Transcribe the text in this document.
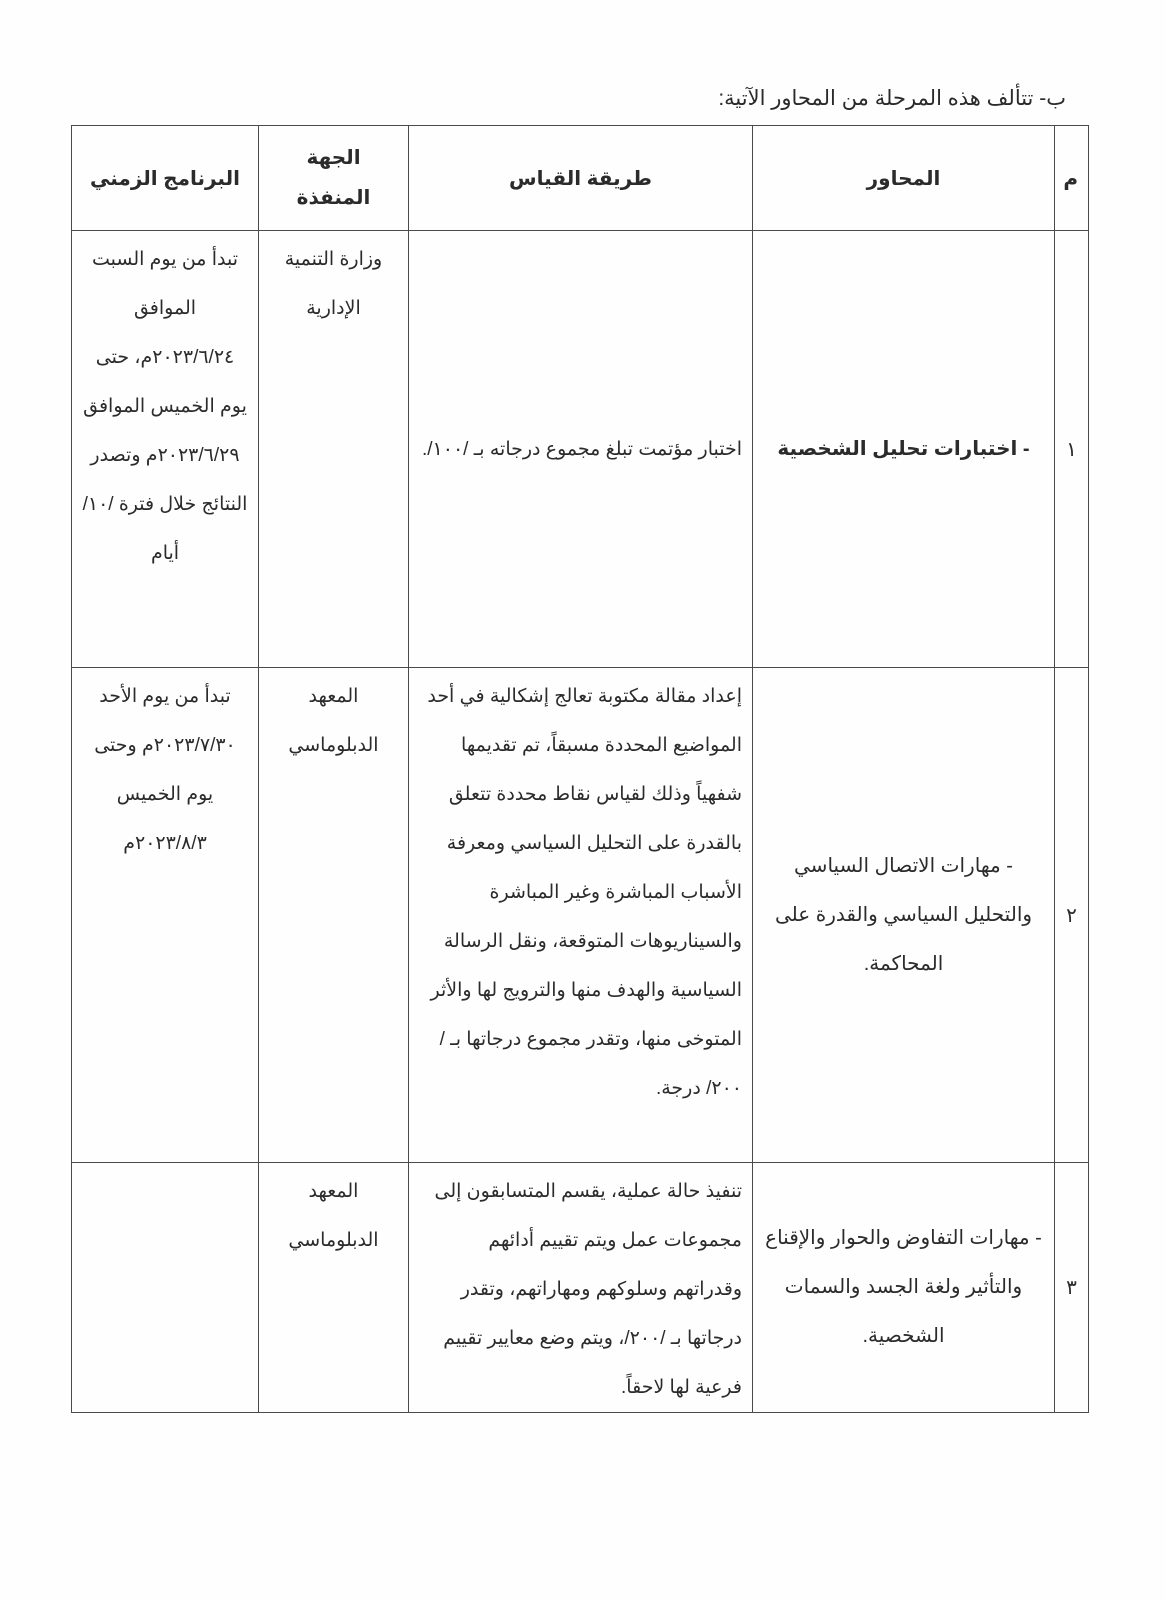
ب- تتألف هذه المرحلة من المحاور الآتية:
م	المحاور	طريقة القياس	الجهة المنفذة	البرنامج الزمني
١	- اختبارات تحليل الشخصية	اختبار مؤتمت تبلغ مجموع درجاته بـ /١٠٠/.	وزارة التنمية الإدارية	تبدأ من يوم السبت الموافق ٢٠٢٣/٦/٢٤م، حتى يوم الخميس الموافق ٢٠٢٣/٦/٢٩م وتصدر النتائج خلال فترة /١٠/ أيام
٢	- مهارات الاتصال السياسي والتحليل السياسي والقدرة على المحاكمة.	إعداد مقالة مكتوبة تعالج إشكالية في أحد المواضيع المحددة مسبقاً، تم تقديمها شفهياً وذلك لقياس نقاط محددة تتعلق بالقدرة على التحليل السياسي ومعرفة الأسباب المباشرة وغير المباشرة والسيناريوهات المتوقعة، ونقل الرسالة السياسية والهدف منها والترويج لها والأثر المتوخى منها، وتقدر مجموع درجاتها بـ /٢٠٠/ درجة.	المعهد الدبلوماسي	تبدأ من يوم الأحد ٢٠٢٣/٧/٣٠م وحتى يوم الخميس ٢٠٢٣/٨/٣م
٣	- مهارات التفاوض والحوار والإقناع والتأثير ولغة الجسد والسمات الشخصية.	تنفيذ حالة عملية، يقسم المتسابقون إلى مجموعات عمل ويتم تقييم أدائهم وقدراتهم وسلوكهم ومهاراتهم، وتقدر درجاتها بـ /٢٠٠/، ويتم وضع معايير تقييم فرعية لها لاحقاً.	المعهد الدبلوماسي	
